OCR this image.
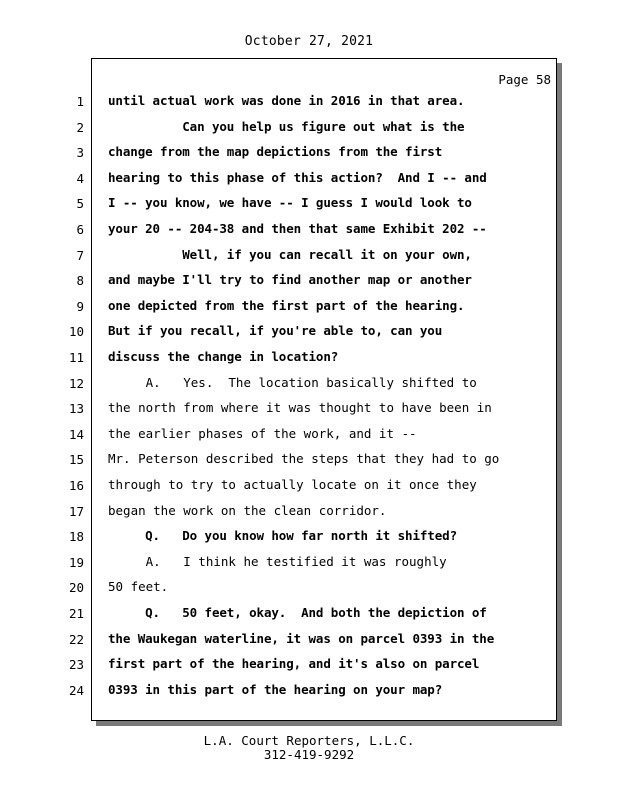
October 27, 2021
Page 58
1 until actual work was done in 2016 in that area.
2 Can you help us figure out what is the
3 change from the map depictions from the first
4 hearing to this phase of this action?  And I -- and
5 I -- you know, we have -- I guess I would look to
6 your 20 -- 204-38 and then that same Exhibit 202 --
7 Well, if you can recall it on your own,
8 and maybe I'll try to find another map or another
9 one depicted from the first part of the hearing.
10 But if you recall, if you're able to, can you
11 discuss the change in location?
12 A.   Yes.  The location basically shifted to
13 the north from where it was thought to have been in
14 the earlier phases of the work, and it --
15 Mr. Peterson described the steps that they had to go
16 through to try to actually locate on it once they
17 began the work on the clean corridor.
18 Q.   Do you know how far north it shifted?
19 A.   I think he testified it was roughly
20 50 feet.
21 Q.   50 feet, okay.  And both the depiction of
22 the Waukegan waterline, it was on parcel 0393 in the
23 first part of the hearing, and it's also on parcel
24 0393 in this part of the hearing on your map?
L.A. Court Reporters, L.L.C.
312-419-9292
